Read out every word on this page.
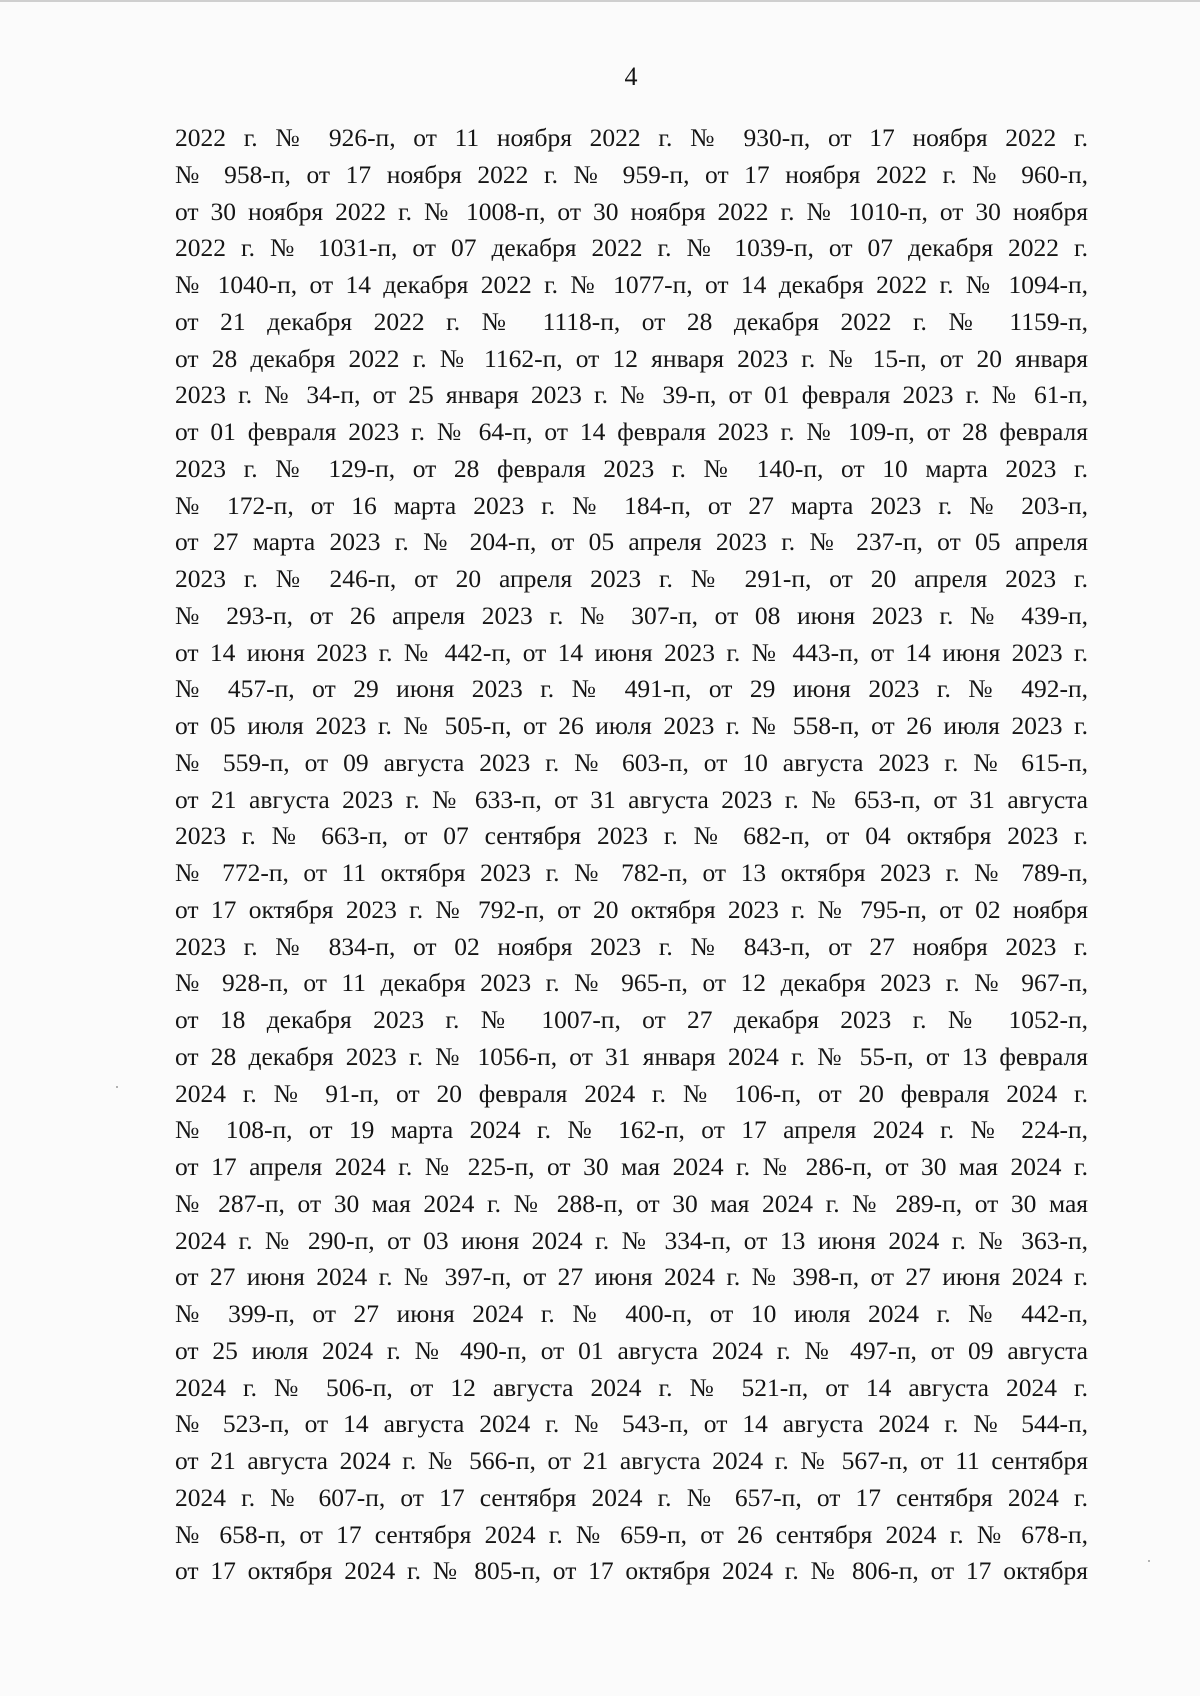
4
2022 г. № 926-п, от 11 ноября 2022 г. № 930-п, от 17 ноября 2022 г.
№ 958-п, от 17 ноября 2022 г. № 959-п, от 17 ноября 2022 г. № 960-п,
от 30 ноября 2022 г. № 1008-п, от 30 ноября 2022 г. № 1010-п, от 30 ноября
2022 г. № 1031-п, от 07 декабря 2022 г. № 1039-п, от 07 декабря 2022 г.
№ 1040-п, от 14 декабря 2022 г. № 1077-п, от 14 декабря 2022 г. № 1094-п,
от 21 декабря 2022 г. № 1118-п, от 28 декабря 2022 г. № 1159-п,
от 28 декабря 2022 г. № 1162-п, от 12 января 2023 г. № 15-п, от 20 января
2023 г. № 34-п, от 25 января 2023 г. № 39-п, от 01 февраля 2023 г. № 61-п,
от 01 февраля 2023 г. № 64-п, от 14 февраля 2023 г. № 109-п, от 28 февраля
2023 г. № 129-п, от 28 февраля 2023 г. № 140-п, от 10 марта 2023 г.
№ 172-п, от 16 марта 2023 г. № 184-п, от 27 марта 2023 г. № 203-п,
от 27 марта 2023 г. № 204-п, от 05 апреля 2023 г. № 237-п, от 05 апреля
2023 г. № 246-п, от 20 апреля 2023 г. № 291-п, от 20 апреля 2023 г.
№ 293-п, от 26 апреля 2023 г. № 307-п, от 08 июня 2023 г. № 439-п,
от 14 июня 2023 г. № 442-п, от 14 июня 2023 г. № 443-п, от 14 июня 2023 г.
№ 457-п, от 29 июня 2023 г. № 491-п, от 29 июня 2023 г. № 492-п,
от 05 июля 2023 г. № 505-п, от 26 июля 2023 г. № 558-п, от 26 июля 2023 г.
№ 559-п, от 09 августа 2023 г. № 603-п, от 10 августа 2023 г. № 615-п,
от 21 августа 2023 г. № 633-п, от 31 августа 2023 г. № 653-п, от 31 августа
2023 г. № 663-п, от 07 сентября 2023 г. № 682-п, от 04 октября 2023 г.
№ 772-п, от 11 октября 2023 г. № 782-п, от 13 октября 2023 г. № 789-п,
от 17 октября 2023 г. № 792-п, от 20 октября 2023 г. № 795-п, от 02 ноября
2023 г. № 834-п, от 02 ноября 2023 г. № 843-п, от 27 ноября 2023 г.
№ 928-п, от 11 декабря 2023 г. № 965-п, от 12 декабря 2023 г. № 967-п,
от 18 декабря 2023 г. № 1007-п, от 27 декабря 2023 г. № 1052-п,
от 28 декабря 2023 г. № 1056-п, от 31 января 2024 г. № 55-п, от 13 февраля
2024 г. № 91-п, от 20 февраля 2024 г. № 106-п, от 20 февраля 2024 г.
№ 108-п, от 19 марта 2024 г. № 162-п, от 17 апреля 2024 г. № 224-п,
от 17 апреля 2024 г. № 225-п, от 30 мая 2024 г. № 286-п, от 30 мая 2024 г.
№ 287-п, от 30 мая 2024 г. № 288-п, от 30 мая 2024 г. № 289-п, от 30 мая
2024 г. № 290-п, от 03 июня 2024 г. № 334-п, от 13 июня 2024 г. № 363-п,
от 27 июня 2024 г. № 397-п, от 27 июня 2024 г. № 398-п, от 27 июня 2024 г.
№ 399-п, от 27 июня 2024 г. № 400-п, от 10 июля 2024 г. № 442-п,
от 25 июля 2024 г. № 490-п, от 01 августа 2024 г. № 497-п, от 09 августа
2024 г. № 506-п, от 12 августа 2024 г. № 521-п, от 14 августа 2024 г.
№ 523-п, от 14 августа 2024 г. № 543-п, от 14 августа 2024 г. № 544-п,
от 21 августа 2024 г. № 566-п, от 21 августа 2024 г. № 567-п, от 11 сентября
2024 г. № 607-п, от 17 сентября 2024 г. № 657-п, от 17 сентября 2024 г.
№ 658-п, от 17 сентября 2024 г. № 659-п, от 26 сентября 2024 г. № 678-п,
от 17 октября 2024 г. № 805-п, от 17 октября 2024 г. № 806-п, от 17 октября
